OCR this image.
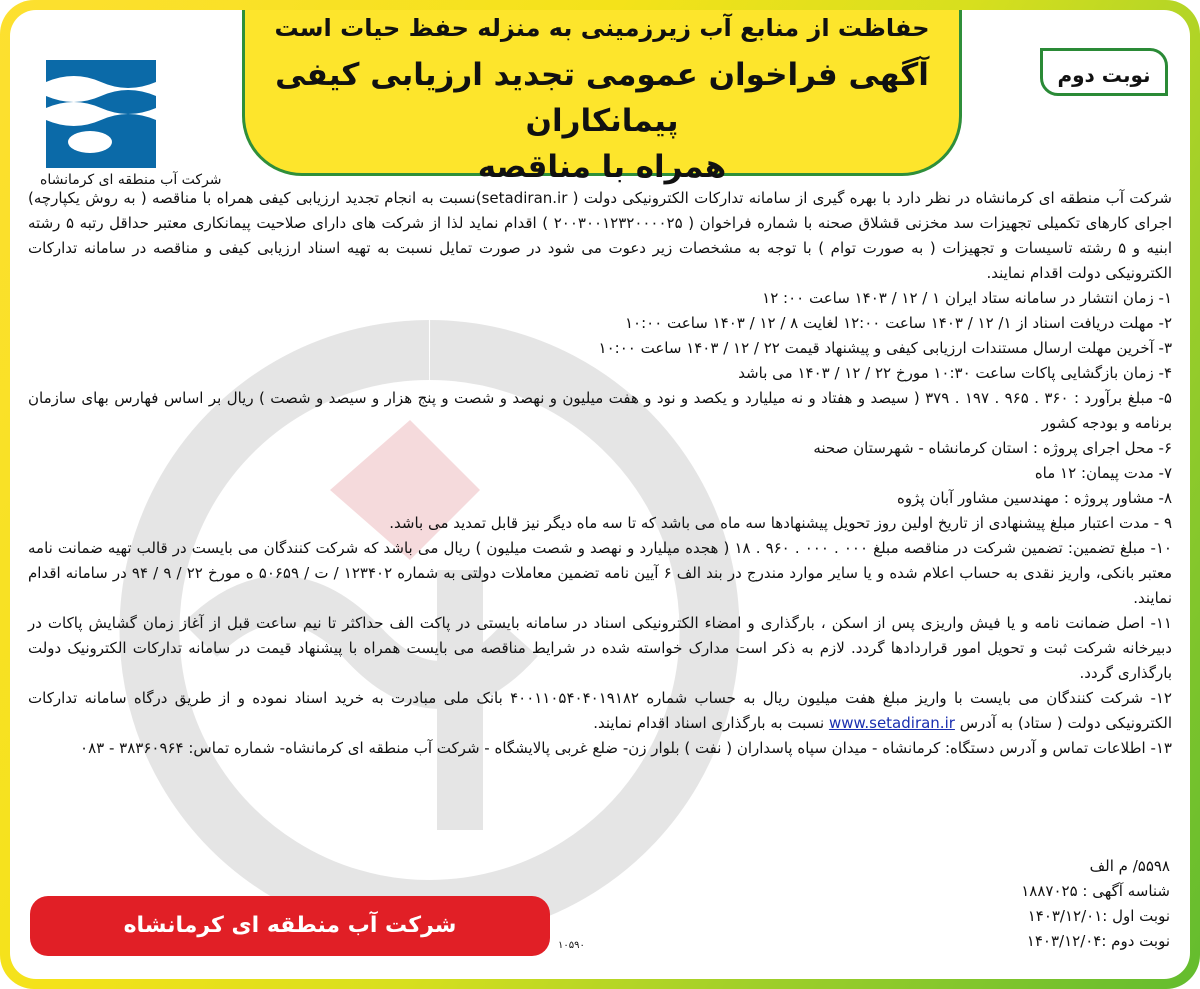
حفاظت از منابع آب زیرزمینی به منزله حفظ حیات است
آگهی فراخوان عمومی تجدید ارزیابی کیفی پیمانکاران
همراه با مناقصه
نوبت دوم
شرکت آب منطقه ای کرمانشاه

شرکت آب منطقه ای کرمانشاه در نظر دارد با بهره گیری از سامانه تدارکات الکترونیکی دولت ( setadiran.ir)نسبت به انجام تجدید ارزیابی کیفی همراه با مناقصه ( به روش یکپارچه) اجرای کارهای تکمیلی تجهیزات سد مخزنی قشلاق صحنه با شماره فراخوان ( ۲۰۰۳۰۰۱۲۳۲۰۰۰۰۲۵ ) اقدام نماید لذا از شرکت های دارای صلاحیت پیمانکاری معتبر حداقل رتبه ۵ رشته ابنیه و ۵ رشته تاسیسات و تجهیزات ( به صورت توام ) با توجه به مشخصات زیر دعوت می شود در صورت تمایل نسبت به تهیه اسناد ارزیابی کیفی و مناقصه در سامانه تدارکات الکترونیکی دولت اقدام نمایند.

۱- زمان انتشار در سامانه ستاد ایران ۱ / ۱۲ / ۱۴۰۳ ساعت ۰۰: ۱۲

۲- مهلت دریافت اسناد از ۱/ ۱۲ / ۱۴۰۳ ساعت ۱۲:۰۰ لغایت ۸ / ۱۲ / ۱۴۰۳ ساعت ۱۰:۰۰

۳- آخرین مهلت ارسال مستندات ارزیابی کیفی و پیشنهاد قیمت ۲۲ / ۱۲ / ۱۴۰۳ ساعت ۱۰:۰۰

۴- زمان بازگشایی پاکات ساعت ۱۰:۳۰ مورخ ۲۲ / ۱۲ / ۱۴۰۳ می باشد

۵- مبلغ برآورد : ۳۶۰ . ۹۶۵ . ۱۹۷ . ۳۷۹ ( سیصد و هفتاد و نه میلیارد و یکصد و نود و هفت میلیون و نهصد و شصت و پنج هزار و سیصد و شصت ) ریال بر اساس فهارس بهای سازمان برنامه و بودجه کشور

۶- محل اجرای پروژه : استان کرمانشاه - شهرستان صحنه

۷- مدت پیمان: ۱۲ ماه

۸- مشاور پروژه : مهندسین مشاور آبان پژوه

۹ - مدت اعتبار مبلغ پیشنهادی از تاریخ اولین روز تحویل پیشنهادها سه ماه می باشد که تا سه ماه دیگر نیز قابل تمدید می باشد.

۱۰- مبلغ تضمین: تضمین شرکت در مناقصه مبلغ ۰۰۰ . ۰۰۰ . ۹۶۰ . ۱۸ ( هجده میلیارد و نهصد و شصت میلیون ) ریال می باشد که شرکت کنندگان می بایست در قالب تهیه ضمانت نامه معتبر بانکی، واریز نقدی به حساب اعلام شده و یا سایر موارد مندرج در بند الف ۶ آیین نامه تضمین معاملات دولتی به شماره ۱۲۳۴۰۲ / ت / ۵۰۶۵۹ ه مورخ ۲۲ / ۹ / ۹۴ در سامانه اقدام نمایند.

۱۱- اصل ضمانت نامه و یا فیش واریزی پس از اسکن ، بارگذاری و امضاء الکترونیکی اسناد در سامانه بایستی در پاکت الف حداکثر تا نیم ساعت قبل از آغاز زمان گشایش پاکات در دبیرخانه شرکت ثبت و تحویل امور قراردادها گردد. لازم به ذکر است مدارک خواسته شده در شرایط مناقصه می بایست همراه با پیشنهاد قیمت در سامانه تدارکات الکترونیک دولت بارگذاری گردد.

۱۲- شرکت کنندگان می بایست با واریز مبلغ هفت میلیون ریال به حساب شماره ۴۰۰۱۱۰۵۴۰۴۰۱۹۱۸۲ بانک ملی مبادرت به خرید اسناد نموده و از طریق درگاه سامانه تدارکات الکترونیکی دولت ( ستاد) به آدرس www.setadiran.ir نسبت به بارگذاری اسناد اقدام نمایند.

۱۳- اطلاعات تماس و آدرس دستگاه: کرمانشاه - میدان سپاه پاسداران ( نفت ) بلوار زن- ضلع غربی پالایشگاه - شرکت آب منطقه ای کرمانشاه- شماره تماس: ۳۸۳۶۰۹۶۴ - ۰۸۳

۵۵۹۸/ م الف
شناسه آگهی : ۱۸۸۷۰۲۵
نوبت اول :۱۴۰۳/۱۲/۰۱
نوبت دوم :۱۴۰۳/۱۲/۰۴
شرکت آب منطقه ای کرمانشاه
۱۰۵۹۰
